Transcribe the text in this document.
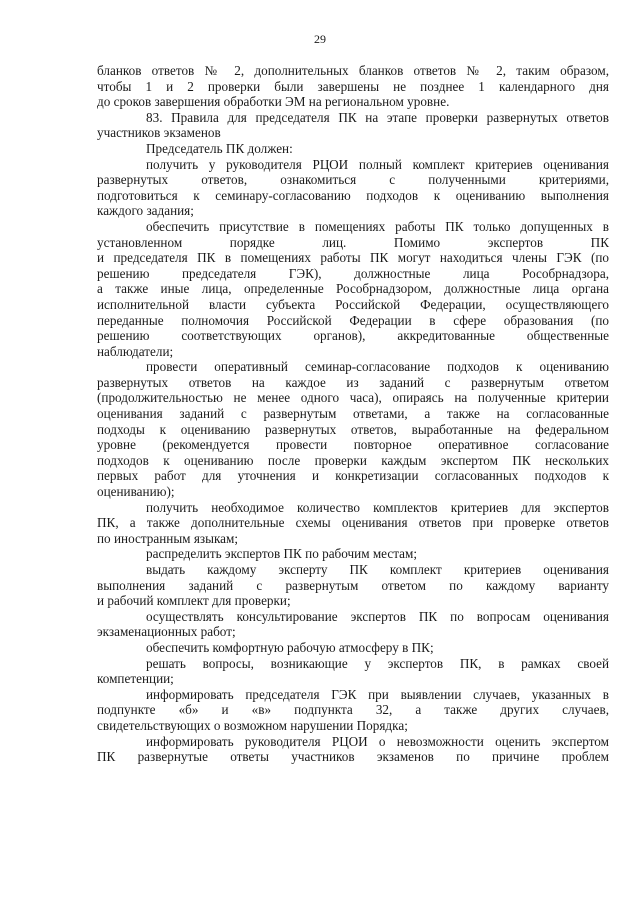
29
бланков ответов № 2, дополнительных бланков ответов № 2, таким образом,
чтобы 1 и 2 проверки были завершены не позднее 1 календарного дня
до сроков завершения обработки ЭМ на региональном уровне.
83. Правила для председателя ПК на этапе проверки развернутых ответов
участников экзаменов
Председатель ПК должен:
получить у руководителя РЦОИ полный комплект критериев оценивания
развернутых ответов, ознакомиться с полученными критериями,
подготовиться к семинару-согласованию подходов к оцениванию выполнения
каждого задания;
обеспечить присутствие в помещениях работы ПК только допущенных в
установленном порядке лиц. Помимо экспертов ПК
и председателя ПК в помещениях работы ПК могут находиться члены ГЭК (по
решению председателя ГЭК), должностные лица Рособрнадзора,
а также иные лица, определенные Рособрнадзором, должностные лица органа
исполнительной власти субъекта Российской Федерации, осуществляющего
переданные полномочия Российской Федерации в сфере образования (по
решению соответствующих органов), аккредитованные общественные
наблюдатели;
провести оперативный семинар-согласование подходов к оцениванию
развернутых ответов на каждое из заданий с развернутым ответом
(продолжительностью не менее одного часа), опираясь на полученные критерии
оценивания заданий с развернутым ответами, а также на согласованные
подходы к оцениванию развернутых ответов, выработанные на федеральном
уровне (рекомендуется провести повторное оперативное согласование
подходов к оцениванию после проверки каждым экспертом ПК нескольких
первых работ для уточнения и конкретизации согласованных подходов к
оцениванию);
получить необходимое количество комплектов критериев для экспертов
ПК, а также дополнительные схемы оценивания ответов при проверке ответов
по иностранным языкам;
распределить экспертов ПК по рабочим местам;
выдать каждому эксперту ПК комплект критериев оценивания
выполнения заданий с развернутым ответом по каждому варианту
и рабочий комплект для проверки;
осуществлять консультирование экспертов ПК по вопросам оценивания
экзаменационных работ;
обеспечить комфортную рабочую атмосферу в ПК;
решать вопросы, возникающие у экспертов ПК, в рамках своей
компетенции;
информировать председателя ГЭК при выявлении случаев, указанных в
подпункте «б» и «в» подпункта 32, а также других случаев,
свидетельствующих о возможном нарушении Порядка;
информировать руководителя РЦОИ о невозможности оценить экспертом
ПК развернутые ответы участников экзаменов по причине проблем
